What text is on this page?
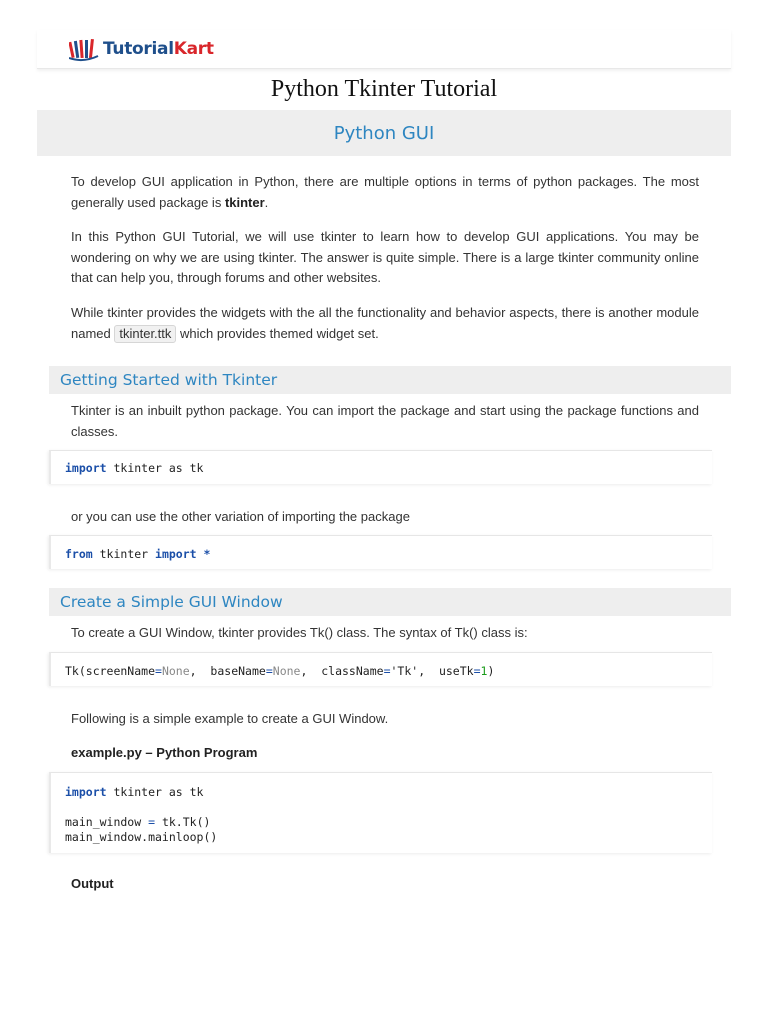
TutorialKart
Python Tkinter Tutorial
Python GUI

To develop GUI application in Python, there are multiple options in terms of python packages. The most generally used package is tkinter.

In this Python GUI Tutorial, we will use tkinter to learn how to develop GUI applications. You may be wondering on why we are using tkinter. The answer is quite simple. There is a large tkinter community online that can help you, through forums and other websites.

While tkinter provides the widgets with the all the functionality and behavior aspects, there is another module named tkinter.ttk which provides themed widget set.

Getting Started with Tkinter

Tkinter is an inbuilt python package. You can import the package and start using the package functions and classes.

import tkinter as tk

or you can use the other variation of importing the package

from tkinter import *
Create a Simple GUI Window

To create a GUI Window, tkinter provides Tk() class. The syntax of Tk() class is:

Tk(screenName=None,  baseName=None,  className='Tk',  useTk=1)

Following is a simple example to create a GUI Window.

example.py – Python Program

import tkinter as tk

main_window = tk.Tk()
main_window.mainloop()

Output
